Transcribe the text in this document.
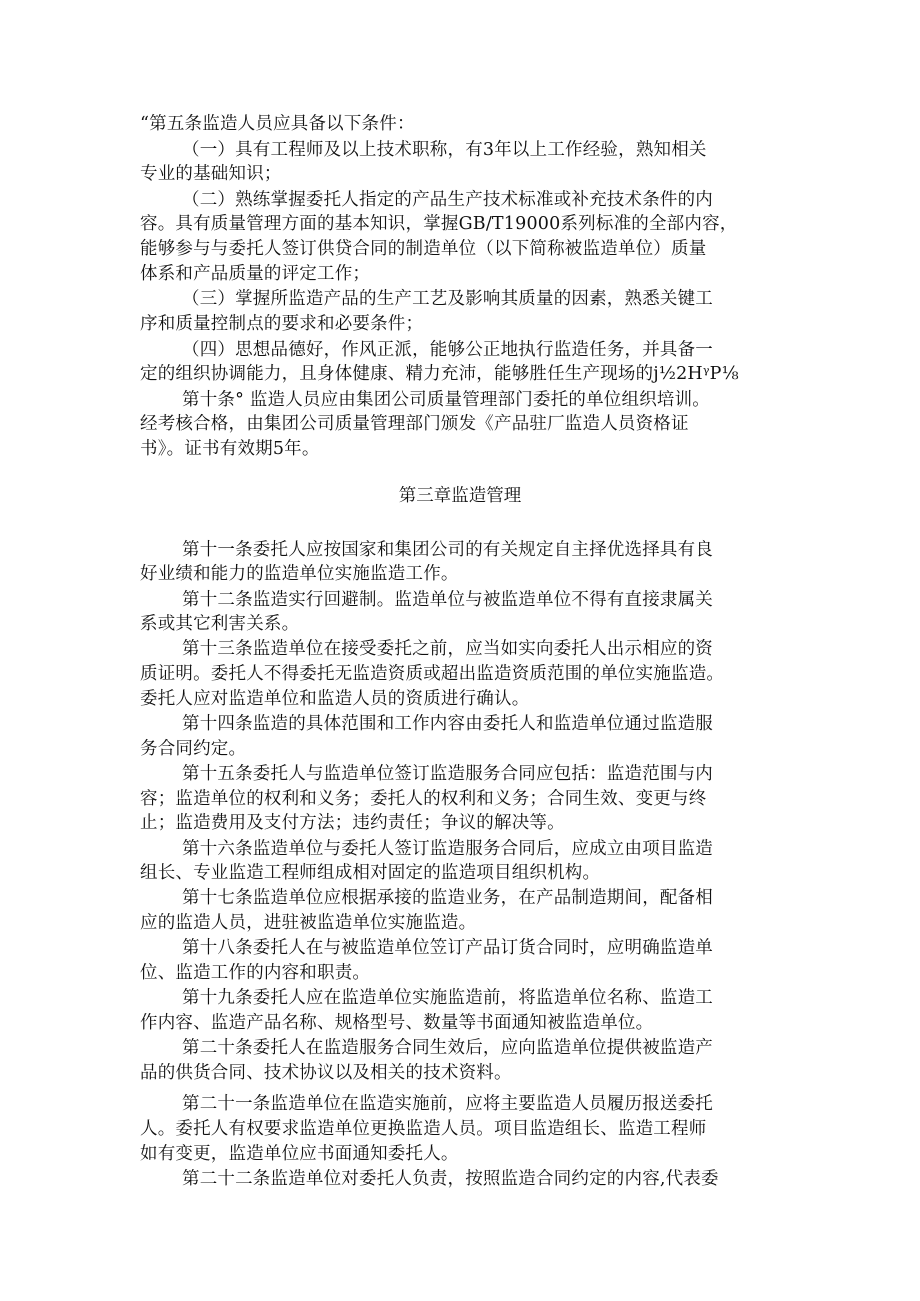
“第五条监造人员应具备以下条件：
（一）具有工程师及以上技术职称，有3年以上工作经验，熟知相关
专业的基础知识；
（二）熟练掌握委托人指定的产品生产技术标准或补充技术条件的内
容。具有质量管理方面的基本知识，掌握GB/T19000系列标准的全部内容，
能够参与与委托人签订供贷合同的制造单位（以下简称被监造单位）质量
体系和产品质量的评定工作；
（三）掌握所监造产品的生产工艺及影响其质量的因素，熟悉关键工
序和质量控制点的要求和必要条件；
（四）思想品德好，作风正派，能够公正地执行监造任务，并具备一
定的组织协调能力，且身体健康、精力充沛，能够胜任生产现场的j½2HᵞP⅛
第十条° 监造人员应由集团公司质量管理部门委托的单位组织培训。
经考核合格，由集团公司质量管理部门颁发《产品驻厂监造人员资格证
书》。证书有效期5年。
第三章监造管理
第十一条委托人应按国家和集团公司的有关规定自主择优选择具有良
好业绩和能力的监造单位实施监造工作。
第十二条监造实行回避制。监造单位与被监造单位不得有直接隶属关
系或其它利害关系。
第十三条监造单位在接受委托之前，应当如实向委托人出示相应的资
质证明。委托人不得委托无监造资质或超出监造资质范围的单位实施监造。
委托人应对监造单位和监造人员的资质进行确认。
第十四条监造的具体范围和工作内容由委托人和监造单位通过监造服
务合同约定。
第十五条委托人与监造单位签订监造服务合同应包括：监造范围与内
容；监造单位的权利和义务；委托人的权利和义务；合同生效、变更与终
止；监造费用及支付方法；违约责任；争议的解决等。
第十六条监造单位与委托人签订监造服务合同后，应成立由项目监造
组长、专业监造工程师组成相对固定的监造项目组织机构。
第十七条监造单位应根据承接的监造业务，在产品制造期间，配备相
应的监造人员，进驻被监造单位实施监造。
第十八条委托人在与被监造单位笠订产品订货合同时，应明确监造单
位、监造工作的内容和职责。
第十九条委托人应在监造单位实施监造前，将监造单位名称、监造工
作内容、监造产品名称、规格型号、数量等书面通知被监造单位。
第二十条委托人在监造服务合同生效后，应向监造单位提供被监造产
品的供货合同、技术协议以及相关的技术资料。
第二十一条监造单位在监造实施前，应将主要监造人员履历报送委托
人。委托人有权要求监造单位更换监造人员。项目监造组长、监造工程师
如有变更，监造单位应书面通知委托人。
第二十二条监造单位对委托人负责，按照监造合同约定的内容,代表委
